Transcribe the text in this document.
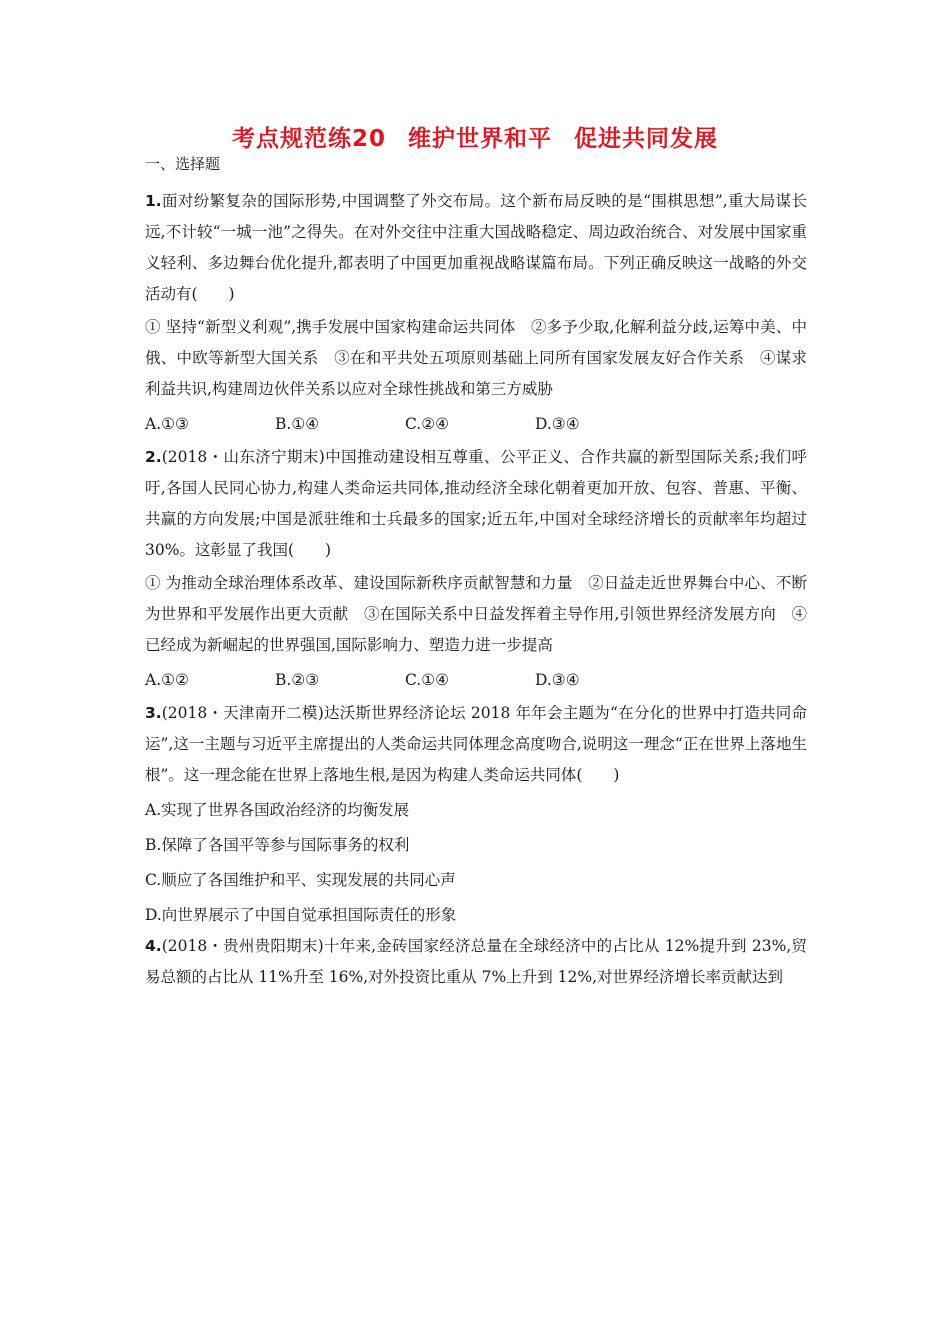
考点规范练20 维护世界和平 促进共同发展
一、选择题

1.面对纷繁复杂的国际形势,中国调整了外交布局。这个新布局反映的是“围棋思想”,重大局谋长远,不计较“一城一池”之得失。在对外交往中注重大国战略稳定、周边政治统合、对发展中国家重义轻利、多边舞台优化提升,都表明了中国更加重视战略谋篇布局。下列正确反映这一战略的外交活动有(　　)

① 坚持“新型义利观”,携手发展中国家构建命运共同体　②多予少取,化解利益分歧,运筹中美、中俄、中欧等新型大国关系　③在和平共处五项原则基础上同所有国家发展友好合作关系　④谋求利益共识,构建周边伙伴关系以应对全球性挑战和第三方威胁

A.①③	B.①④	C.②④	D.③④

2.(2018・山东济宁期末)中国推动建设相互尊重、公平正义、合作共赢的新型国际关系;我们呼吁,各国人民同心协力,构建人类命运共同体,推动经济全球化朝着更加开放、包容、普惠、平衡、共赢的方向发展;中国是派驻维和士兵最多的国家;近五年,中国对全球经济增长的贡献率年均超过30%。这彰显了我国(　　)

① 为推动全球治理体系改革、建设国际新秩序贡献智慧和力量　②日益走近世界舞台中心、不断为世界和平发展作出更大贡献　③在国际关系中日益发挥着主导作用,引领世界经济发展方向　④已经成为新崛起的世界强国,国际影响力、塑造力进一步提高

A.①②	B.②③	C.①④	D.③④

3.(2018・天津南开二模)达沃斯世界经济论坛 2018 年年会主题为“在分化的世界中打造共同命运”,这一主题与习近平主席提出的人类命运共同体理念高度吻合,说明这一理念“正在世界上落地生根”。这一理念能在世界上落地生根,是因为构建人类命运共同体(　　)

A.实现了世界各国政治经济的均衡发展

B.保障了各国平等参与国际事务的权利

C.顺应了各国维护和平、实现发展的共同心声

D.向世界展示了中国自觉承担国际责任的形象

4.(2018・贵州贵阳期末)十年来,金砖国家经济总量在全球经济中的占比从 12%提升到 23%,贸易总额的占比从 11%升至 16%,对外投资比重从 7%上升到 12%,对世界经济增长率贡献达到
